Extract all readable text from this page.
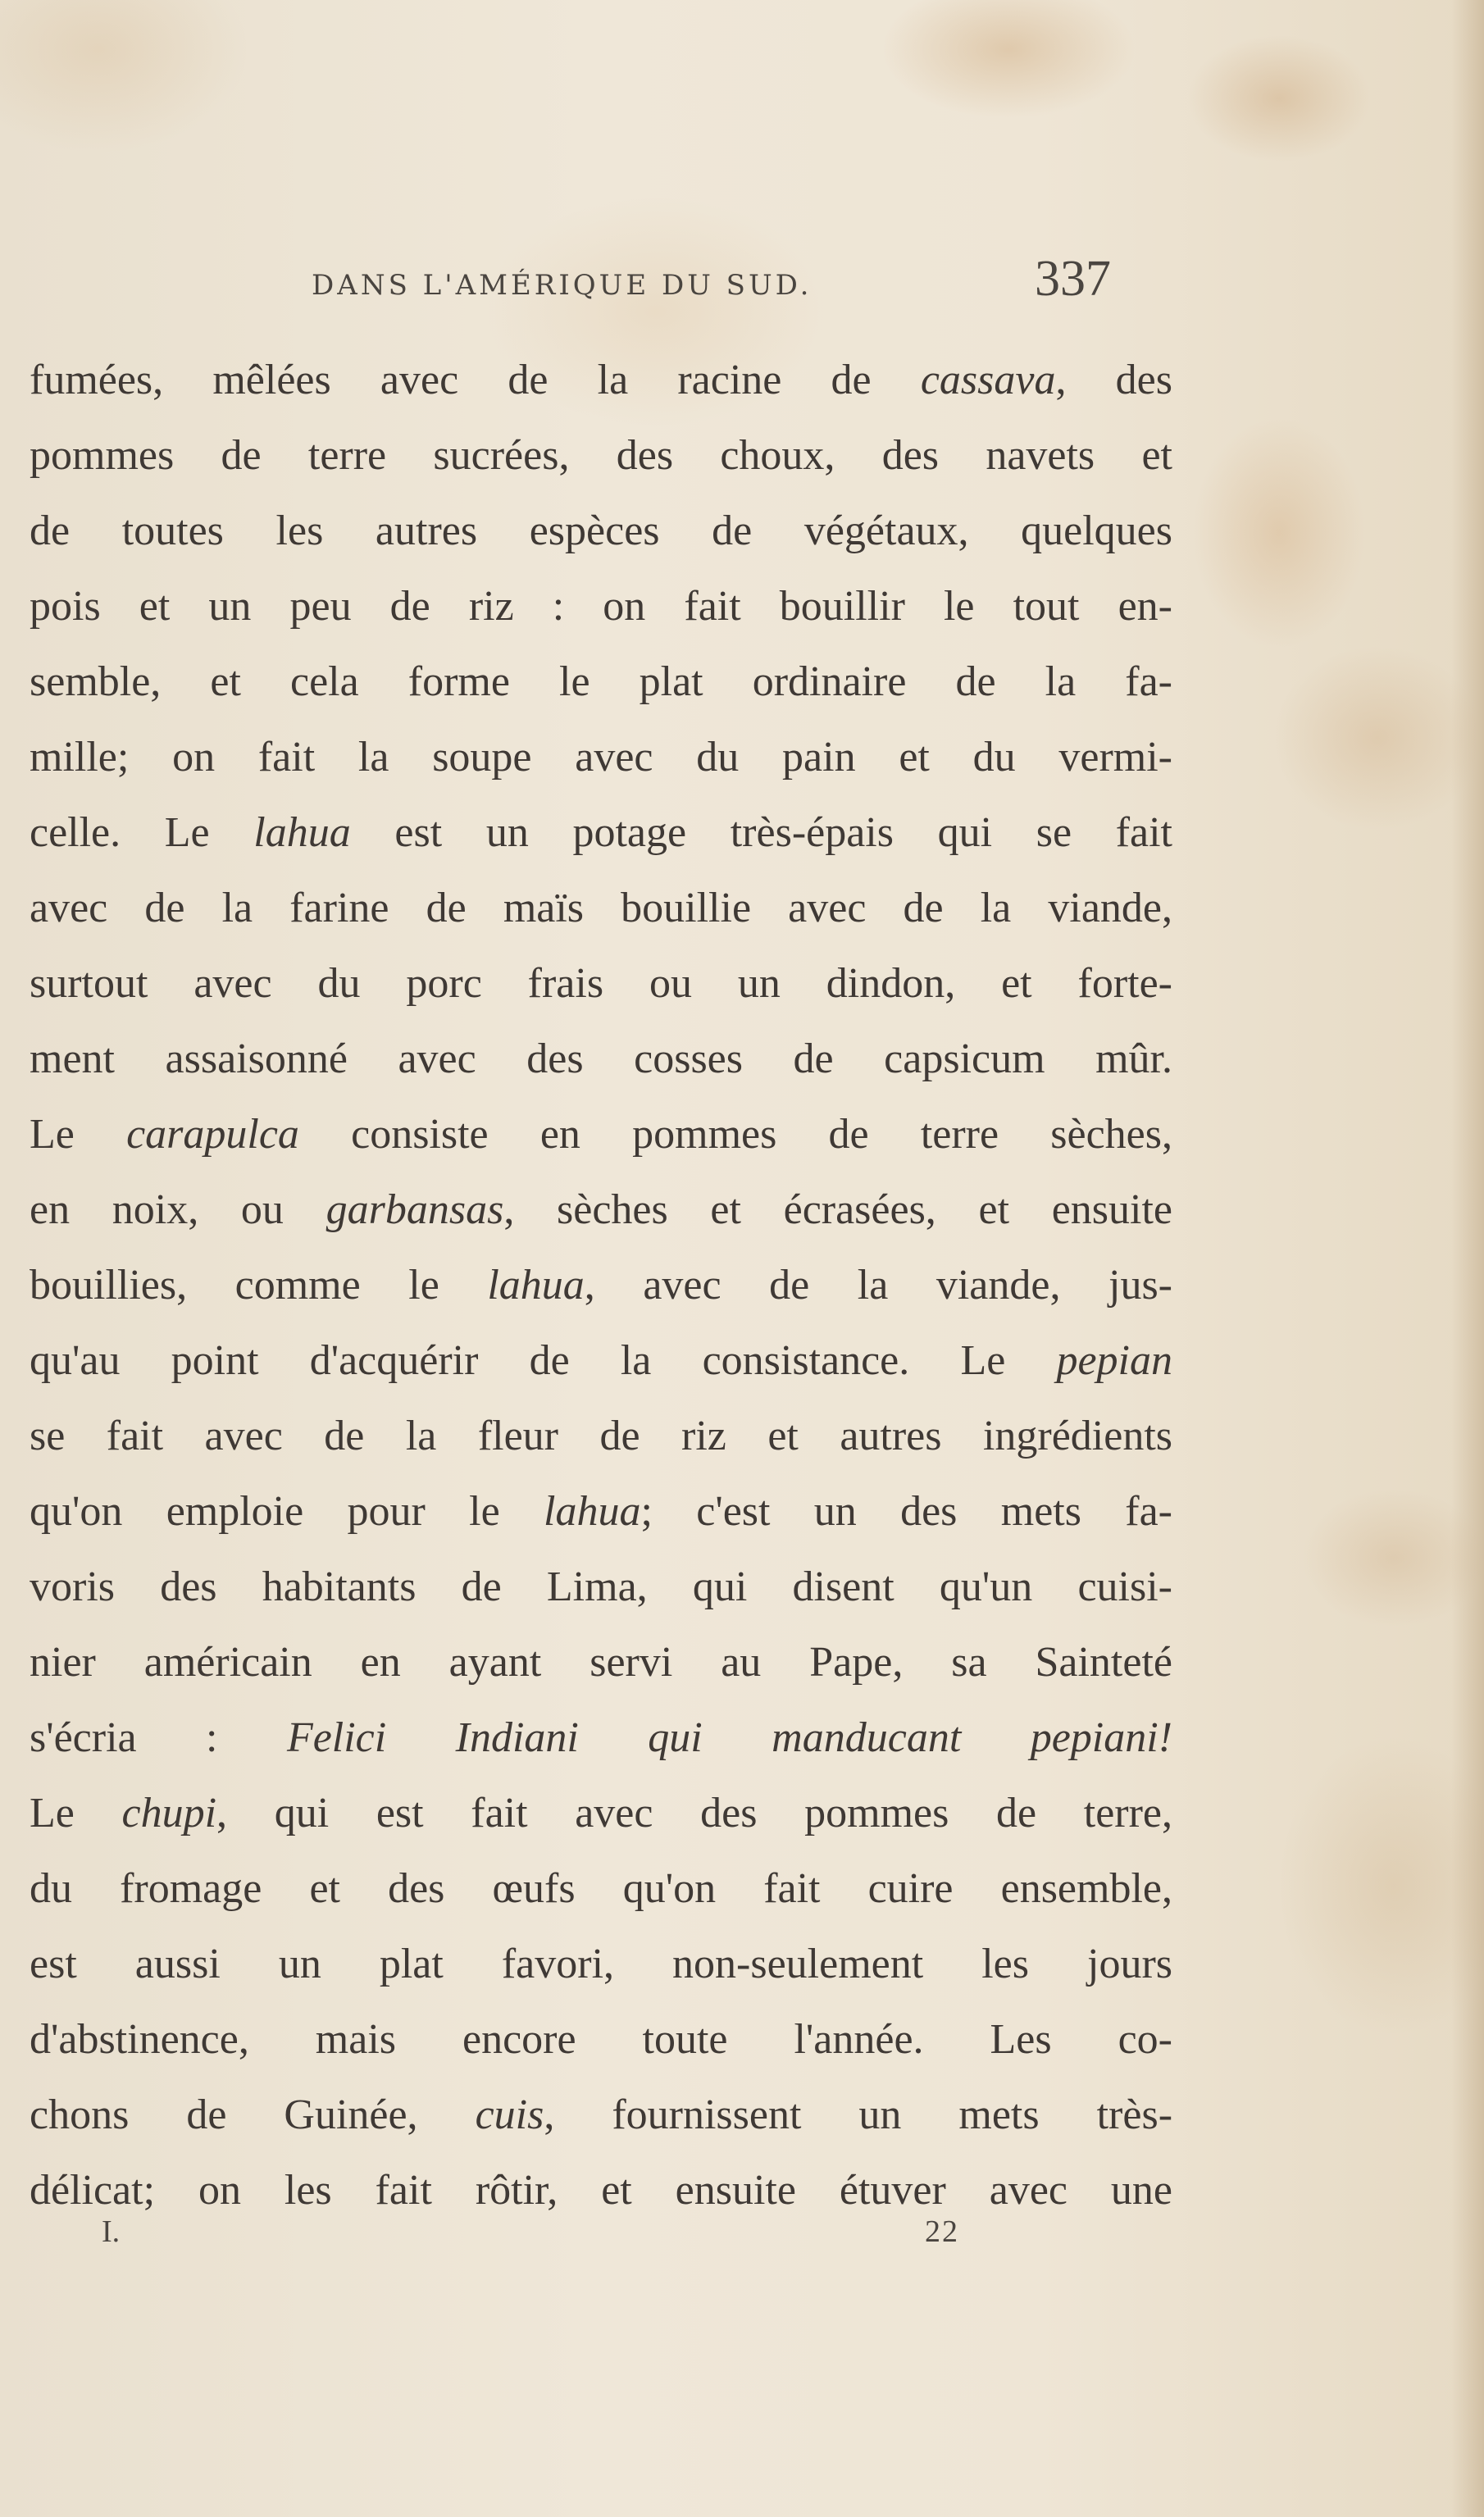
DANS L'AMÉRIQUE DU SUD.	337
fumées, mêlées avec de la racine de cassava, des
pommes de terre sucrées, des choux, des navets et
de toutes les autres espèces de végétaux, quelques
pois et un peu de riz : on fait bouillir le tout en-
semble, et cela forme le plat ordinaire de la fa-
mille; on fait la soupe avec du pain et du vermi-
celle. Le lahua est un potage très-épais qui se fait
avec de la farine de maïs bouillie avec de la viande,
surtout avec du porc frais ou un dindon, et forte-
ment assaisonné avec des cosses de capsicum mûr.
Le carapulca consiste en pommes de terre sèches,
en noix, ou garbansas, sèches et écrasées, et ensuite
bouillies, comme le lahua, avec de la viande, jus-
qu'au point d'acquérir de la consistance. Le pepian
se fait avec de la fleur de riz et autres ingrédients
qu'on emploie pour le lahua; c'est un des mets fa-
voris des habitants de Lima, qui disent qu'un cuisi-
nier américain en ayant servi au Pape, sa Sainteté
s'écria : Felici Indiani qui manducant pepiani!
Le chupi, qui est fait avec des pommes de terre,
du fromage et des œufs qu'on fait cuire ensemble,
est aussi un plat favori, non-seulement les jours
d'abstinence, mais encore toute l'année. Les co-
chons de Guinée, cuis, fournissent un mets très-
délicat; on les fait rôtir, et ensuite étuver avec une
I.	22
